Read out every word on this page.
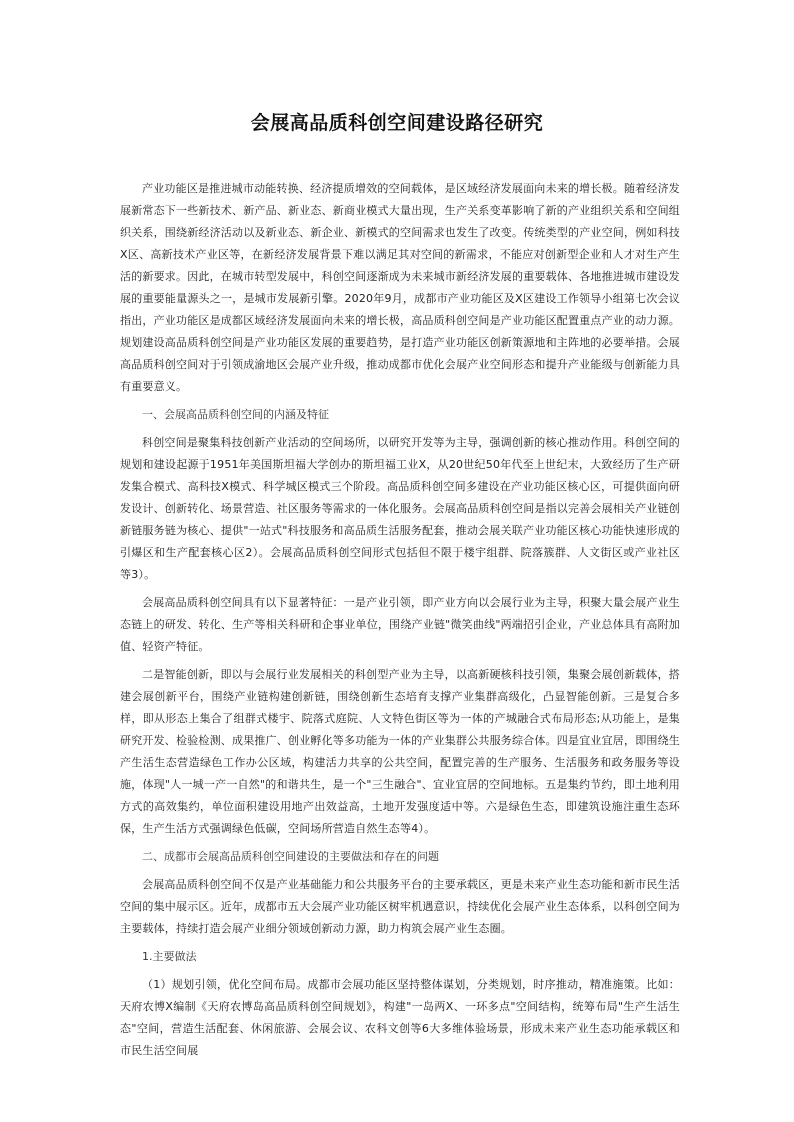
会展高品质科创空间建设路径研究

产业功能区是推进城市动能转换、经济提质增效的空间载体，是区域经济发展面向未来的增长极。随着经济发展新常态下一些新技术、新产品、新业态、新商业模式大量出现，生产关系变革影响了新的产业组织关系和空间组织关系，围绕新经济活动以及新业态、新企业、新模式的空间需求也发生了改变。传统类型的产业空间，例如科技X区、高新技术产业区等，在新经济发展背景下难以满足其对空间的新需求，不能应对创新型企业和人才对生产生活的新要求。因此，在城市转型发展中，科创空间逐渐成为未来城市新经济发展的重要载体、各地推进城市建设发展的重要能量源头之一，是城市发展新引擎。2020年9月，成都市产业功能区及X区建设工作领导小组第七次会议指出，产业功能区是成都区域经济发展面向未来的增长极，高品质科创空间是产业功能区配置重点产业的动力源。规划建设高品质科创空间是产业功能区发展的重要趋势，是打造产业功能区创新策源地和主阵地的必要举措。会展高品质科创空间对于引领成渝地区会展产业升级，推动成都市优化会展产业空间形态和提升产业能级与创新能力具有重要意义。

一、会展高品质科创空间的内涵及特征

科创空间是聚集科技创新产业活动的空间场所，以研究开发等为主导，强调创新的核心推动作用。科创空间的规划和建设起源于1951年美国斯坦福大学创办的斯坦福工业X，从20世纪50年代至上世纪末，大致经历了生产研发集合模式、高科技X模式、科学城区模式三个阶段。高品质科创空间多建设在产业功能区核心区，可提供面向研发设计、创新转化、场景营造、社区服务等需求的一体化服务。会展高品质科创空间是指以完善会展相关产业链创新链服务链为核心、提供"一站式"科技服务和高品质生活服务配套，推动会展关联产业功能区核心功能快速形成的引爆区和生产配套核心区2）。会展高品质科创空间形式包括但不限于楼宇组群、院落簇群、人文街区或产业社区等3）。

会展高品质科创空间具有以下显著特征：一是产业引领，即产业方向以会展行业为主导，积聚大量会展产业生态链上的研发、转化、生产等相关科研和企事业单位，围绕产业链"微笑曲线"两端招引企业，产业总体具有高附加值、轻资产特征。

二是智能创新，即以与会展行业发展相关的科创型产业为主导，以高新硬核科技引领，集聚会展创新载体，搭建会展创新平台，围绕产业链构建创新链，围绕创新生态培育支撑产业集群高级化，凸显智能创新。三是复合多样，即从形态上集合了组群式楼宇、院落式庭院、人文特色街区等为一体的产城融合式布局形态;从功能上，是集研究开发、检验检测、成果推广、创业孵化等多功能为一体的产业集群公共服务综合体。四是宜业宜居，即围绕生产生活生态营造绿色工作办公区域，构建活力共享的公共空间，配置完善的生产服务、生活服务和政务服务等设施，体现"人一城一产一自然"的和谐共生，是一个"三生融合"、宜业宜居的空间地标。五是集约节约，即土地利用方式的高效集约，单位面积建设用地产出效益高，土地开发强度适中等。六是绿色生态，即建筑设施注重生态环保，生产生活方式强调绿色低碳，空间场所营造自然生态等4）。

二、成都市会展高品质科创空间建设的主要做法和存在的问题

会展高品质科创空间不仅是产业基础能力和公共服务平台的主要承载区，更是未来产业生态功能和新市民生活空间的集中展示区。近年，成都市五大会展产业功能区树牢机遇意识，持续优化会展产业生态体系，以科创空间为主要载体，持续打造会展产业细分领域创新动力源，助力构筑会展产业生态圈。

1.主要做法

（1）规划引领，优化空间布局。成都市会展功能区坚持整体谋划，分类规划，时序推动，精准施策。比如：天府农博X编制《天府农博岛高品质科创空间规划》，构建"一岛两X、一环多点"空间结构，统筹布局"生产生活生态"空间，营造生活配套、休闲旅游、会展会议、农科文创等6大多维体验场景，形成未来产业生态功能承载区和市民生活空间展
